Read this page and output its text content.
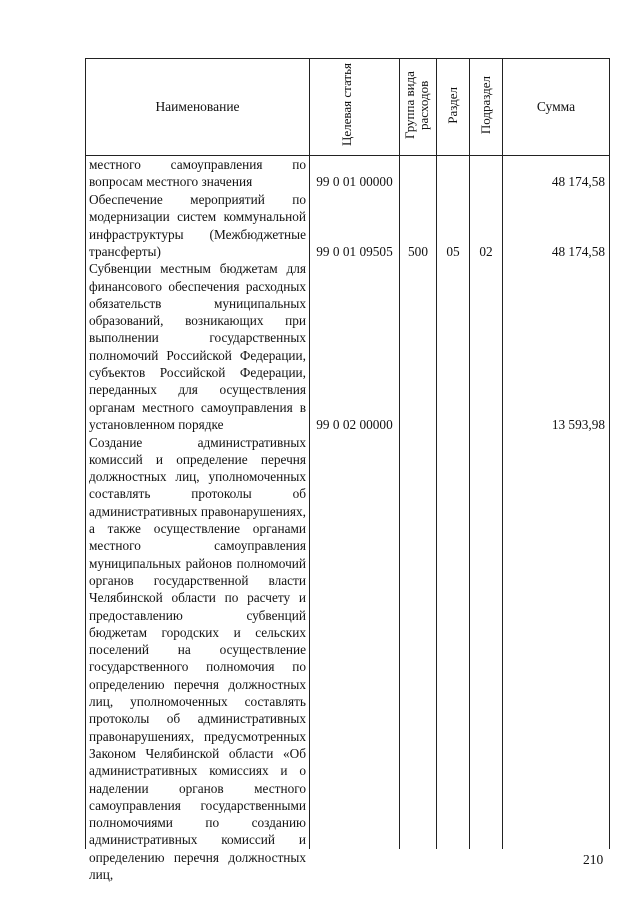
Наименование	Целевая статья	Группа вида расходов	Раздел	Подраздел	Сумма
местного самоуправления по вопросам местного значения	99 0 01 00000				48 174,58

Обеспечение мероприятий по модернизации систем коммунальной инфраструктуры (Межбюджетные трансферты)	99 0 01 09505	500	05	02	48 174,58

Субвенции местным бюджетам для финансового обеспечения расходных обязательств муниципальных образований, возникающих при выполнении государственных полномочий Российской Федерации, субъектов Российской Федерации, переданных для осуществления органам местного самоуправления в установленном порядке	99 0 02 00000				13 593,98

Создание административных комиссий и определение перечня должностных лиц, уполномоченных составлять протоколы об административных правонарушениях, а также осуществление органами местного самоуправления муниципальных районов полномочий органов государственной власти Челябинской области по расчету и предоставлению субвенций бюджетам городских и сельских поселений на осуществление государственного полномочия по определению перечня должностных лиц, уполномоченных составлять протоколы об административных правонарушениях, предусмотренных Законом Челябинской области «Об административных комиссиях и о наделении органов местного самоуправления государственными полномочиями по созданию административных комиссий и определению перечня должностных лиц,					

210
